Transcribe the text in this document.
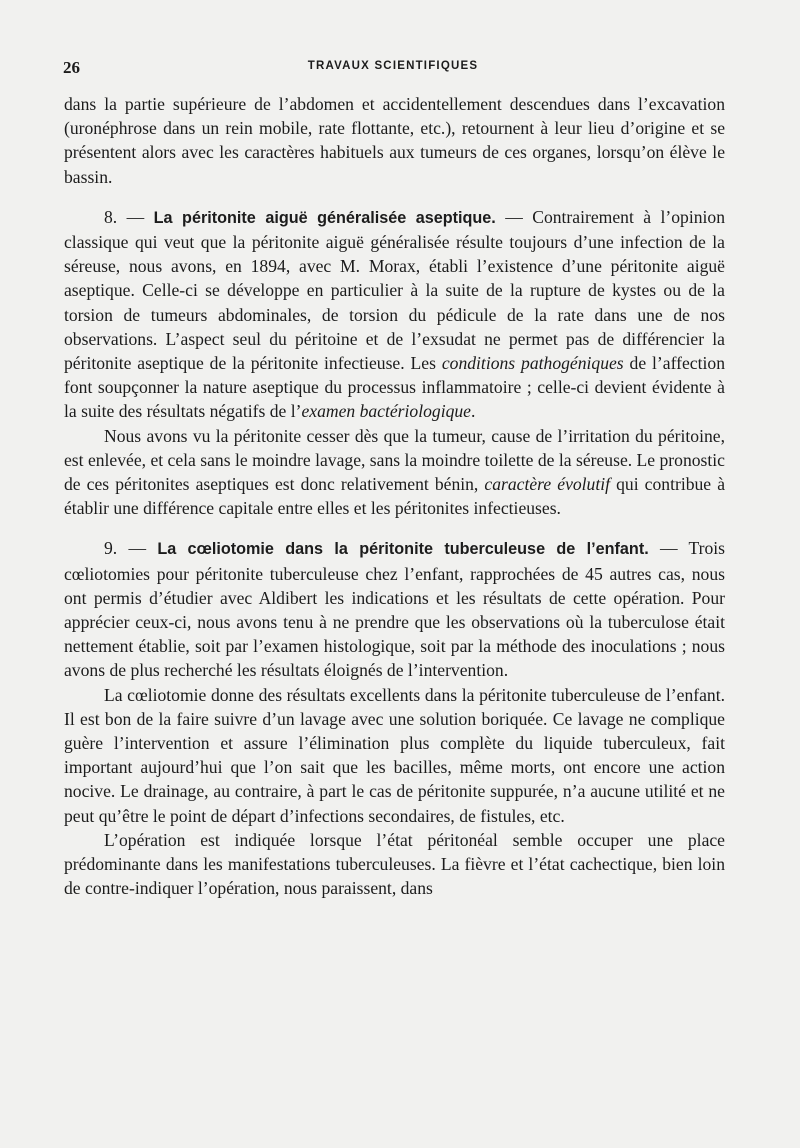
26	TRAVAUX SCIENTIFIQUES

dans la partie supérieure de l’abdomen et accidentellement descendues dans l’excavation (uronéphrose dans un rein mobile, rate flottante, etc.), retournent à leur lieu d’origine et se présentent alors avec les caractères habituels aux tumeurs de ces organes, lorsqu’on élève le bassin.

8. — La péritonite aiguë généralisée aseptique. — Contrairement à l’opinion classique qui veut que la péritonite aiguë généralisée résulte toujours d’une infection de la séreuse, nous avons, en 1894, avec M. Morax, établi l’existence d’une péritonite aiguë aseptique. Celle-ci se développe en particulier à la suite de la rupture de kystes ou de la torsion de tumeurs abdominales, de torsion du pédicule de la rate dans une de nos observations. L’aspect seul du péritoine et de l’exsudat ne permet pas de différencier la péritonite aseptique de la péritonite infectieuse. Les conditions pathogéniques de l’affection font soupçonner la nature aseptique du processus inflammatoire ; celle-ci devient évidente à la suite des résultats négatifs de l’examen bactériologique.

Nous avons vu la péritonite cesser dès que la tumeur, cause de l’irritation du péritoine, est enlevée, et cela sans le moindre lavage, sans la moindre toilette de la séreuse. Le pronostic de ces péritonites aseptiques est donc relativement bénin, caractère évolutif qui contribue à établir une différence capitale entre elles et les péritonites infectieuses.

9. — La cœliotomie dans la péritonite tuberculeuse de l’enfant. — Trois cœliotomies pour péritonite tuberculeuse chez l’enfant, rapprochées de 45 autres cas, nous ont permis d’étudier avec Aldibert les indications et les résultats de cette opération. Pour apprécier ceux-ci, nous avons tenu à ne prendre que les observations où la tuberculose était nettement établie, soit par l’examen histologique, soit par la méthode des inoculations ; nous avons de plus recherché les résultats éloignés de l’intervention.

La cœliotomie donne des résultats excellents dans la péritonite tuberculeuse de l’enfant. Il est bon de la faire suivre d’un lavage avec une solution boriquée. Ce lavage ne complique guère l’intervention et assure l’élimination plus complète du liquide tuberculeux, fait important aujourd’hui que l’on sait que les bacilles, même morts, ont encore une action nocive. Le drainage, au contraire, à part le cas de péritonite suppurée, n’a aucune utilité et ne peut qu’être le point de départ d’infections secondaires, de fistules, etc.

L’opération est indiquée lorsque l’état péritonéal semble occuper une place prédominante dans les manifestations tuberculeuses. La fièvre et l’état cachectique, bien loin de contre-indiquer l’opération, nous paraissent, dans
